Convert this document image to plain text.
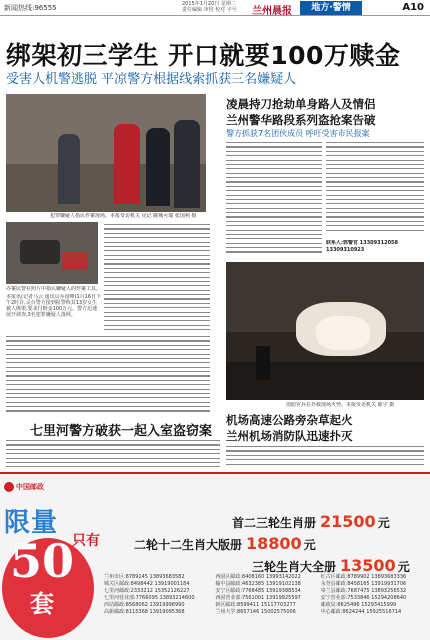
新闻热线:96555	2015年1月20日 星期二
责任编辑 审校 校对 字号 兰州晨报	地方·警情	A10
绑架初三学生 开口就要100万赎金
受害人机警逃脱 平凉警方根据线索抓获三名嫌疑人
犯罪嫌疑人指认作案现场。本报受访机关 见记 陇城可瑞 张国利 摄
办案民警在照片中指认嫌疑人的作案工具。

本报讯(记者马云 通讯员乔国峰)1月16日下午2时许,灵台警方接到报警称其13岁女生被人绑架,要求付赎金100万元。警方迅速展开调查,3名犯罪嫌疑人落网。

凌晨持刀抢劫单身路人及情侣
兰州警华路段系列盗抢案告破
警方抓获7名团伙成员 呼吁受害市民报案
联系人:郭警官 13309312058 13309310923
消防官兵在扑救现场火势。本报受访机关 陈宇 摄
机场高速公路旁杂草起火
兰州机场消防队迅速扑灭
七里河警方破获一起入室盗窃案
中国邮政
限量
只有
50
套
首二三轮生肖册 21500 元
二轮十二生肖大版册 18800 元
三轮生肖大全册 13500 元
兰州市区:8789145 13893683582	西固区邮政:8408160 13993142022	红古区邮政:8789902 13893683336
城关区邮政:8498442 13919001184	榆中县邮政:4632385 13919102138	永登县邮政:8458165 13919931706
七里河邮政:2333212 15352126227	安宁区邮政:7768485 13919388534	皋兰县邮政:7687475 13893256532
七里河营业部:7766095 13893214600	西固营业部:7561001 13919925597	安宁营业部:7533846 15294208640
西站邮政:8568062 13919998990	新区邮政:8599411 15117703277	邮政局:8625496 15293415999
高新邮政:8115368 13919095368	兰州大学:8657146 15002575006	中心邮政:8624244 15925516714
